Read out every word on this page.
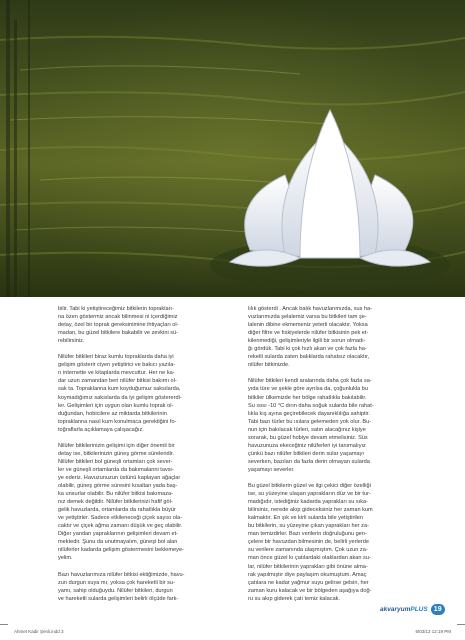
bilir. Tabi ki yetiştireceğimiz bitkilerin toprakları-
na özen göstermiz ancak bilinmesi ni içerdiğimiz
detay, özel bir toprak gereksinimine ihtiyaçları ol-
madan, bu güzel bitkilere bakabilir ve zevkini sü-
rebilirsiniz.

Nilüfer bitkileri biraz kumlu topraklarda daha iyi
gelişim gösterir ciyen yetiştirici ve bakıcı yazıla-
rı internette ve kitaplarda mevcuttur. Her ne ka-
dar uzun zamandan beri nilüfer bitkisi bakımı ol-
sak ta. Topraklanna kum koyduğumuz saksılarda,
koymadığımız saksılarda da iyi gelişim göstererdi-
ler. Gelişimleri için uygun olan kumlu toprak ol-
duğundan, hobicilere az miktarda bitkilerinin
topraklanna nasıl kum konulmaca gerektiğini fo-
toğraflarla açıklamaya çalışacağız.

Nilüfer bitkilerinizin gelişimi için diğer önemli bir
detay ise, bitkilerinizin güneş görme süreleridir.
Nilüfer bitkileri bol güneşli ortamları çok sever-
ler ve güneşli ortamlarda da bakımalanni tavsi-
ye ederiz. Havuzunuzun üstünü kaplayan ağaçlar
olabilir, güneş görme süresini kısaltan yada baş-
ka unsurlar olabilir. Bu nilüfer bitkisi bakımaza-
nız demek değildir. Nilüfer bitkilerinizi hafif göl-
gelik havuzlarda, ortamlarda da rahatlıkla büyür
ve yetiştirler. Sadece etkileneceği çiçek sayısı ola-
caktır ve çiçek ağma zamanı düşük ve geç olabilir.
Diğer yandan yapraklarının gelişimleri devam et-
mektedir. Şunu da unutmayalım, güneşi bol alan
nilüferler kadarda gelişim göstermesini beklemeye-
yelim.

Bazı havuzlarımıza nilüfer bitkisi ektiğimizde, havu-
zun durgun suya mı, yoksa çok hareketli bir su-
yamı, sahip olduğuydu. Nilüfer bitkileri, durgun
ve hareketli sularda gelişimleri belirli ölçüde fark-
lılık gösterdi . Ancak balık havuzlarımızda, sus ha-
vuzlarımızda şelalemiz varsa bu bitkileri tam şe-
lalenin dibine ekmemeniz yeterli olacaktır. Yoksa
diğer filtre ve fıskiyelerde nilüfer bitkisinin pek et-
kilenmediği, gelişimleriyle ilgili bir sorun olmadı-
ğı gördük. Tabi ki çok hızlı akan ve çok fazla ha-
reketli sularda zaten balıklarda rahatsız olacaktır,
nilüfer bitkinizde.

Nilüfer bitkileri kendi aralarında daha çok fazla sa-
yıda türe ve şekle göre ayrılsa da, çoğunlukla bu
bitkiler ülkemizde her bölge rahatlıkla bakılabilir.
Su ısısı -10 °C dırın daha soğuk sularda bile rahat-
lıkla kış ayına geçirebilecek dayanıklılığa sahiptir.
Tabi bazı türler bu ısılara gelemeden yok olur. Bu-
nun için bakılacak türleri, satın alacağınız kişiye
sorarak, bu güzel hobiye devam etmelisiniz. Süs
havuzunuza ekeceğiniz nilüferleri iyi tanımalıyız
çünkü bazı nilüfer bitkileri derin sular yaşamayı
severken, bazıları da fazla derin olmayan sularda
yaşamayı severler.

Bu güzel bitkilerin güzel ve ilgi çekici diğer özelliği
ise, su yüzeyine ulaşan yaprakların düz ve bir tur-
madığıdır, istediğiniz kadarda yaprakları su sıka-
bilirsiniz, nerede akıp gideceksiniz her zaman kum
kalmaktır. En şık ve kirli sularda bile yetiştirilen
bu bitkilerin, su yüzeyine çıkan yaprakları her za-
man temizdirler. Bazı verilerin doğruluğunu gen-
çelere bir havuzdan bilmesinin de, belirli yerlerde
su verilere zamanında ulaşmıştım. Çok uzun za-
man önce güzel kı çatılardaki olaklardan akan su-
lar, nilüfer bitkilerinin yaprakları gibi önüne alma-
rak yapılmıştır diye paylaşım okumuştum. Amaç
çatılara ne kadar yağmur suyu gelirse gelsin, her
zaman kuru kalacak ve bir bölgeden aşağıya doğ-
ru su akıp giderek çatı temiz kalacak.
akvaryumPLUS 19
Ahmet Kadir Şenli.indd 3	6/03/13 12:19 PM
